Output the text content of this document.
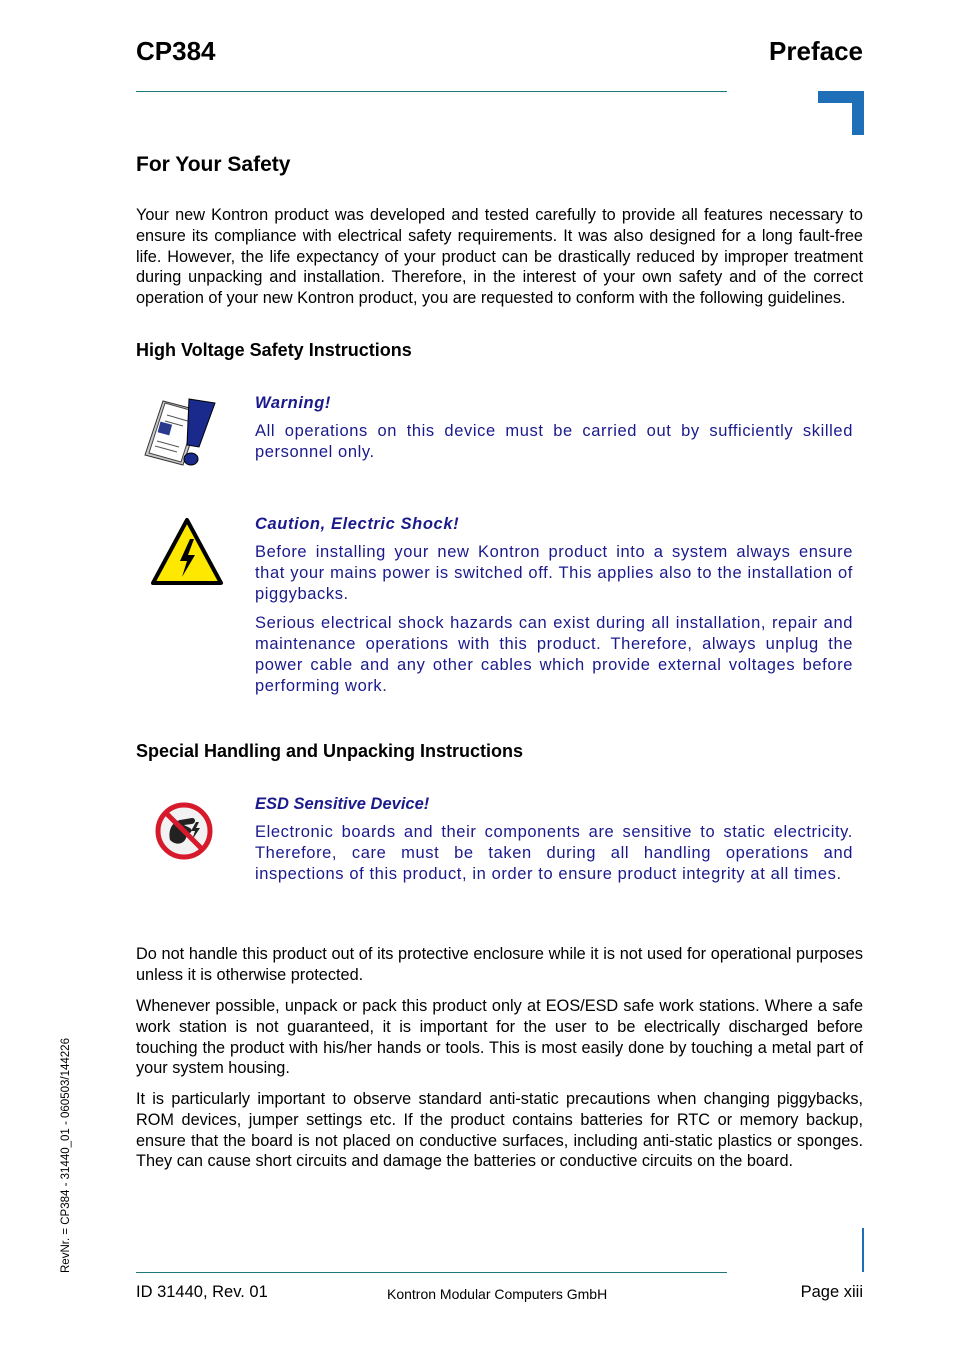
CP384	Preface
For Your Safety

Your new Kontron product was developed and tested carefully to provide all features necessary to ensure its compliance with electrical safety requirements. It was also designed for a long fault-free life. However, the life expectancy of your product can be drastically reduced by improper treatment during unpacking and installation. Therefore, in the interest of your own safety and of the correct operation of your new Kontron product, you are requested to conform with the following guidelines.

High Voltage Safety Instructions

Warning!

All operations on this device must be carried out by sufficiently skilled personnel only.

Caution, Electric Shock!

Before installing your new Kontron product into a system always ensure that your mains power is switched off. This applies also to the installation of piggybacks.

Serious electrical shock hazards can exist during all installation, repair and maintenance operations with this product. Therefore, always unplug the power cable and any other cables which provide external voltages before performing work.

Special Handling and Unpacking Instructions

ESD Sensitive Device!

Electronic boards and their components are sensitive to static electricity. Therefore, care must be taken during all handling operations and inspections of this product, in order to ensure product integrity at all times.

Do not handle this product out of its protective enclosure while it is not used for operational purposes unless it is otherwise protected.

Whenever possible, unpack or pack this product only at EOS/ESD safe work stations. Where a safe work station is not guaranteed, it is important for the user to be electrically discharged before touching the product with his/her hands or tools. This is most easily done by touching a metal part of your system housing.

It is particularly important to observe standard anti-static precautions when changing piggybacks, ROM devices, jumper settings etc. If the product contains batteries for RTC or memory backup, ensure that the board is not placed on conductive surfaces, including anti-static plastics or sponges. They can cause short circuits and damage the batteries or conductive circuits on the board.

RevNr. = CP384 - 31440_01 - 060503/144226
ID 31440, Rev. 01	Kontron Modular Computers GmbH	Page xiii
